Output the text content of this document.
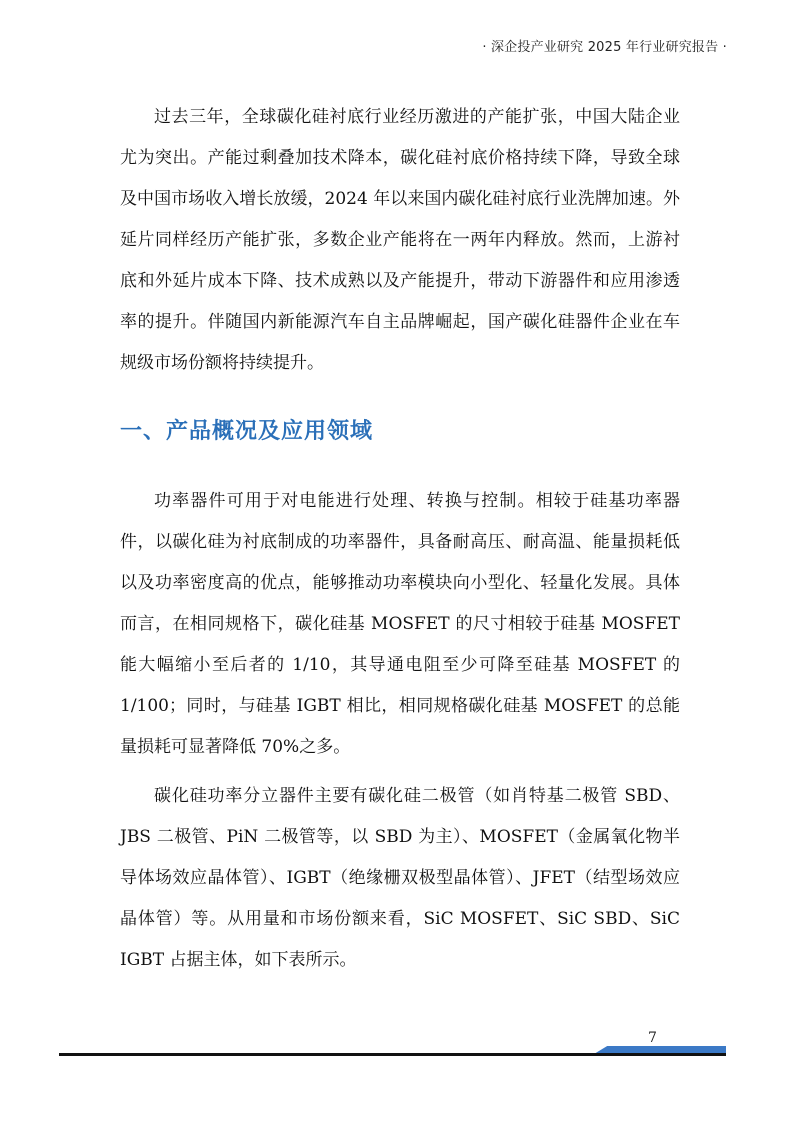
· 深企投产业研究 2025 年行业研究报告 ·

过去三年，全球碳化硅衬底行业经历激进的产能扩张，中国大陆企业尤为突出。产能过剩叠加技术降本，碳化硅衬底价格持续下降，导致全球及中国市场收入增长放缓，2024 年以来国内碳化硅衬底行业洗牌加速。外延片同样经历产能扩张，多数企业产能将在一两年内释放。然而，上游衬底和外延片成本下降、技术成熟以及产能提升，带动下游器件和应用渗透率的提升。伴随国内新能源汽车自主品牌崛起，国产碳化硅器件企业在车规级市场份额将持续提升。

一、产品概况及应用领域

功率器件可用于对电能进行处理、转换与控制。相较于硅基功率器件，以碳化硅为衬底制成的功率器件，具备耐高压、耐高温、能量损耗低以及功率密度高的优点，能够推动功率模块向小型化、轻量化发展。具体而言，在相同规格下，碳化硅基 MOSFET 的尺寸相较于硅基 MOSFET 能大幅缩小至后者的 1/10，其导通电阻至少可降至硅基 MOSFET 的 1/100；同时，与硅基 IGBT 相比，相同规格碳化硅基 MOSFET 的总能量损耗可显著降低 70%之多。

碳化硅功率分立器件主要有碳化硅二极管（如肖特基二极管 SBD、JBS 二极管、PiN 二极管等，以 SBD 为主）、MOSFET（金属氧化物半导体场效应晶体管）、IGBT（绝缘栅双极型晶体管）、JFET（结型场效应晶体管）等。从用量和市场份额来看，SiC MOSFET、SiC SBD、SiC IGBT 占据主体，如下表所示。

7
